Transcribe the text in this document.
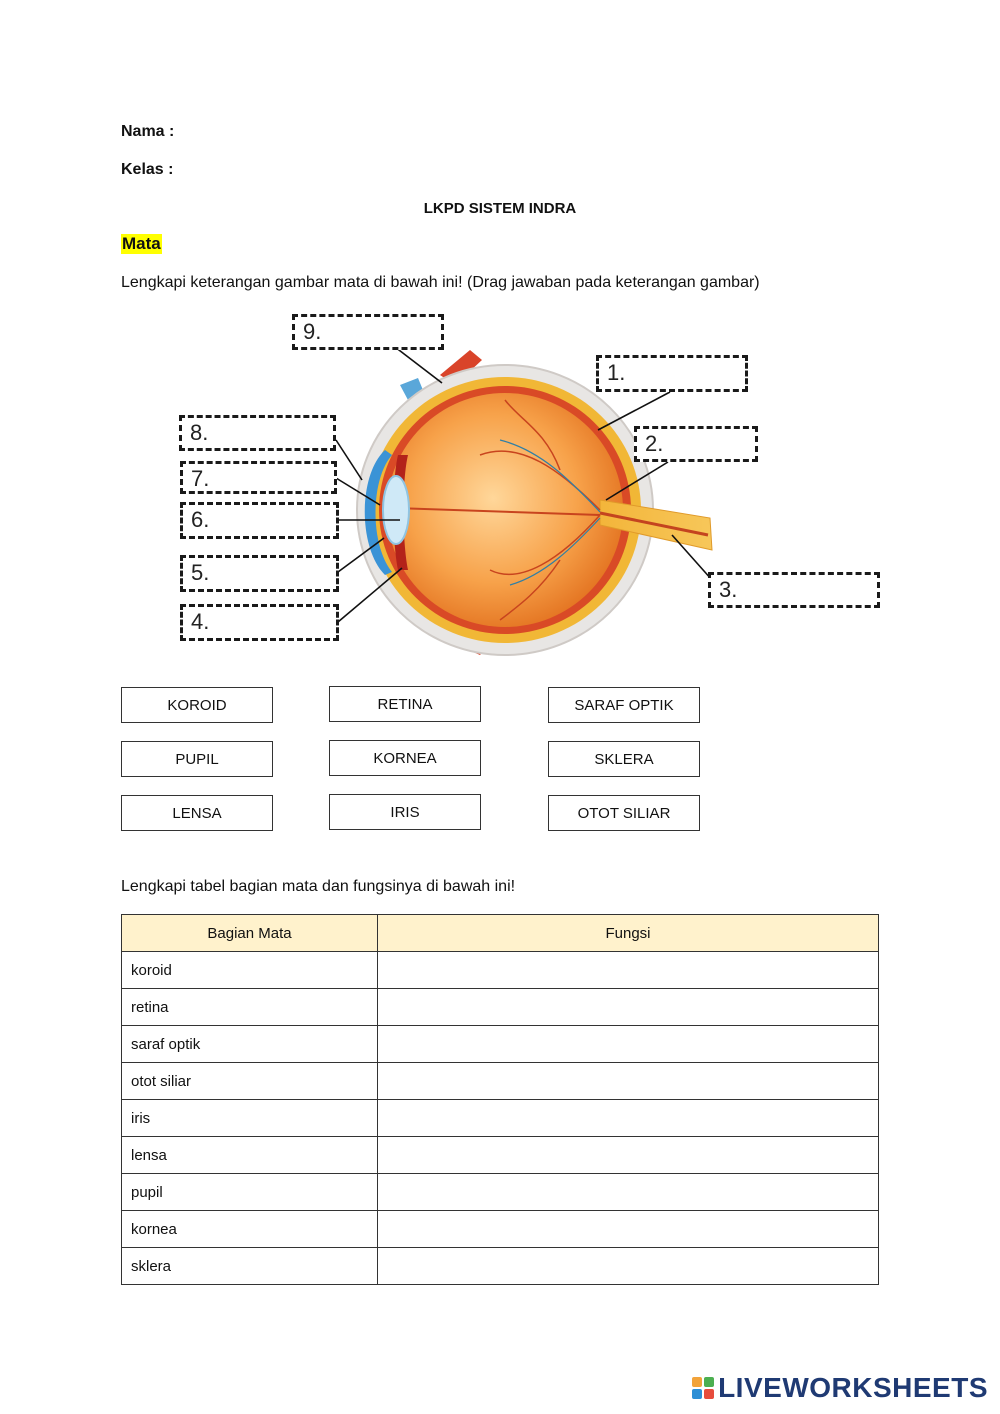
Nama :
Kelas :
LKPD SISTEM INDRA
Mata
Lengkapi keterangan gambar mata di bawah ini! (Drag jawaban pada keterangan gambar)
1.
2.
3.
4.
5.
6.
7.
8.
9.
KOROID	RETINA	SARAF OPTIK
PUPIL	KORNEA	SKLERA
LENSA	IRIS	OTOT SILIAR
Lengkapi tabel bagian mata dan fungsinya di bawah ini!
Bagian Mata	Fungsi
koroid	
retina	
saraf optik	
otot siliar	
iris	
lensa	
pupil	
kornea	
sklera	
LIVEWORKSHEETS
